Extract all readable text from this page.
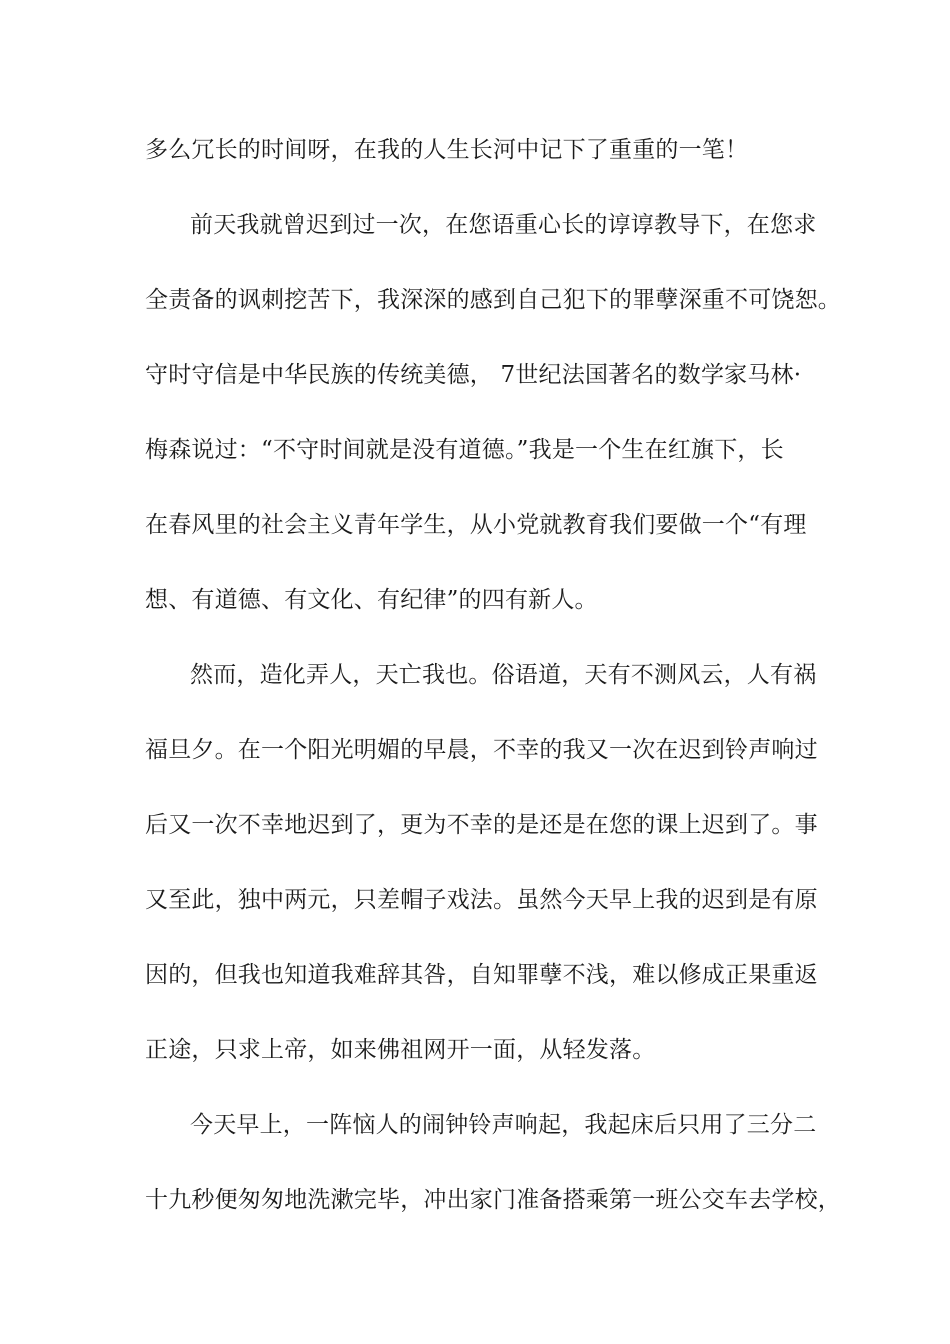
多么冗长的时间呀，在我的人生长河中记下了重重的一笔！
前天我就曾迟到过一次，在您语重心长的谆谆教导下，在您求
全责备的讽刺挖苦下，我深深的感到自己犯下的罪孽深重不可饶恕。
守时守信是中华民族的传统美德， 7世纪法国著名的数学家马林·
梅森说过：“不守时间就是没有道德。”我是一个生在红旗下，长
在春风里的社会主义青年学生，从小党就教育我们要做一个“有理
想、有道德、有文化、有纪律”的四有新人。
然而，造化弄人，天亡我也。俗语道，天有不测风云，人有祸
福旦夕。在一个阳光明媚的早晨，不幸的我又一次在迟到铃声响过
后又一次不幸地迟到了，更为不幸的是还是在您的课上迟到了。事
又至此，独中两元，只差帽子戏法。虽然今天早上我的迟到是有原
因的，但我也知道我难辞其咎，自知罪孽不浅，难以修成正果重返
正途，只求上帝，如来佛祖网开一面，从轻发落。
今天早上，一阵恼人的闹钟铃声响起，我起床后只用了三分二
十九秒便匆匆地洗漱完毕，冲出家门准备搭乘第一班公交车去学校，
